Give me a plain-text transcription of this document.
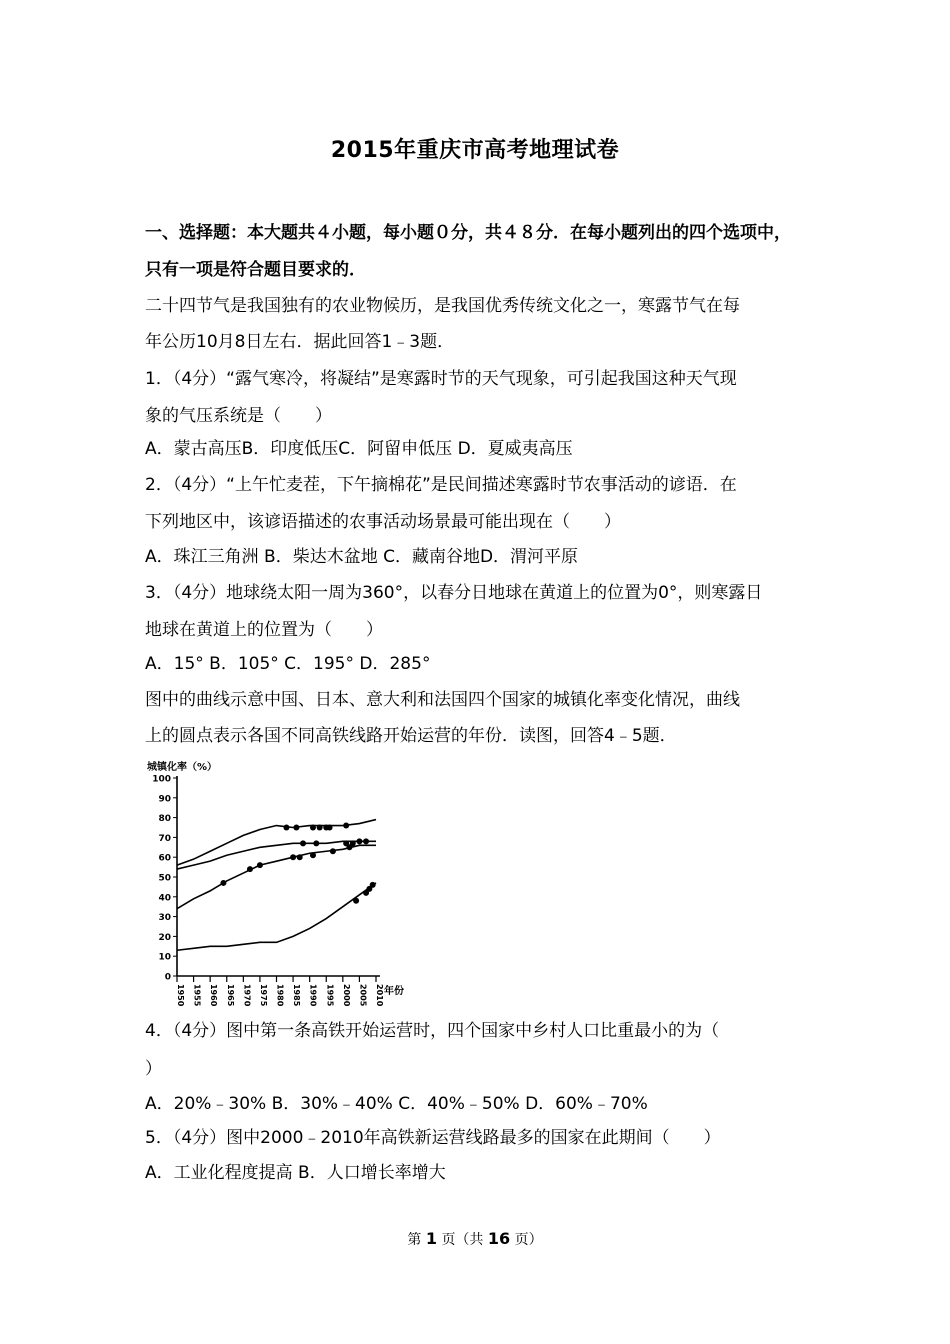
2015年重庆市高考地理试卷
一、选择题：本大题共４小题，每小题０分，共４８分．在每小题列出的四个选项中，
只有一项是符合题目要求的．
二十四节气是我国独有的农业物候历，是我国优秀传统文化之一，寒露节气在每
年公历10月8日左右．据此回答1﹣3题．
1．（4分）“露气寒冷，将凝结”是寒露时节的天气现象，可引起我国这种天气现
象的气压系统是（　　）
A．蒙古高压B．印度低压C．阿留申低压 D．夏威夷高压
2．（4分）“上午忙麦茬，下午摘棉花”是民间描述寒露时节农事活动的谚语．在
下列地区中，该谚语描述的农事活动场景最可能出现在（　　）
A．珠江三角洲 B．柴达木盆地 C．藏南谷地D．渭河平原
3．（4分）地球绕太阳一周为360°，以春分日地球在黄道上的位置为0°，则寒露日
地球在黄道上的位置为（　　）
A．15° B．105° C．195° D．285°
图中的曲线示意中国、日本、意大利和法国四个国家的城镇化率变化情况，曲线
上的圆点表示各国不同高铁线路开始运营的年份．读图，回答4﹣5题．
城镇化率（%）
0
10
20
30
40
50
60
70
80
90
100
1950 1955 1960 1965 1970 1975 1980 1985 1990 1995 2000 2005 2010 年份
4．（4分）图中第一条高铁开始运营时，四个国家中乡村人口比重最小的为（
）
A．20%﹣30% B．30%﹣40% C．40%﹣50% D．60%﹣70%
5．（4分）图中2000﹣2010年高铁新运营线路最多的国家在此期间（　　）
A．工业化程度提高 B．人口增长率增大
第 1 页（共 16 页）
